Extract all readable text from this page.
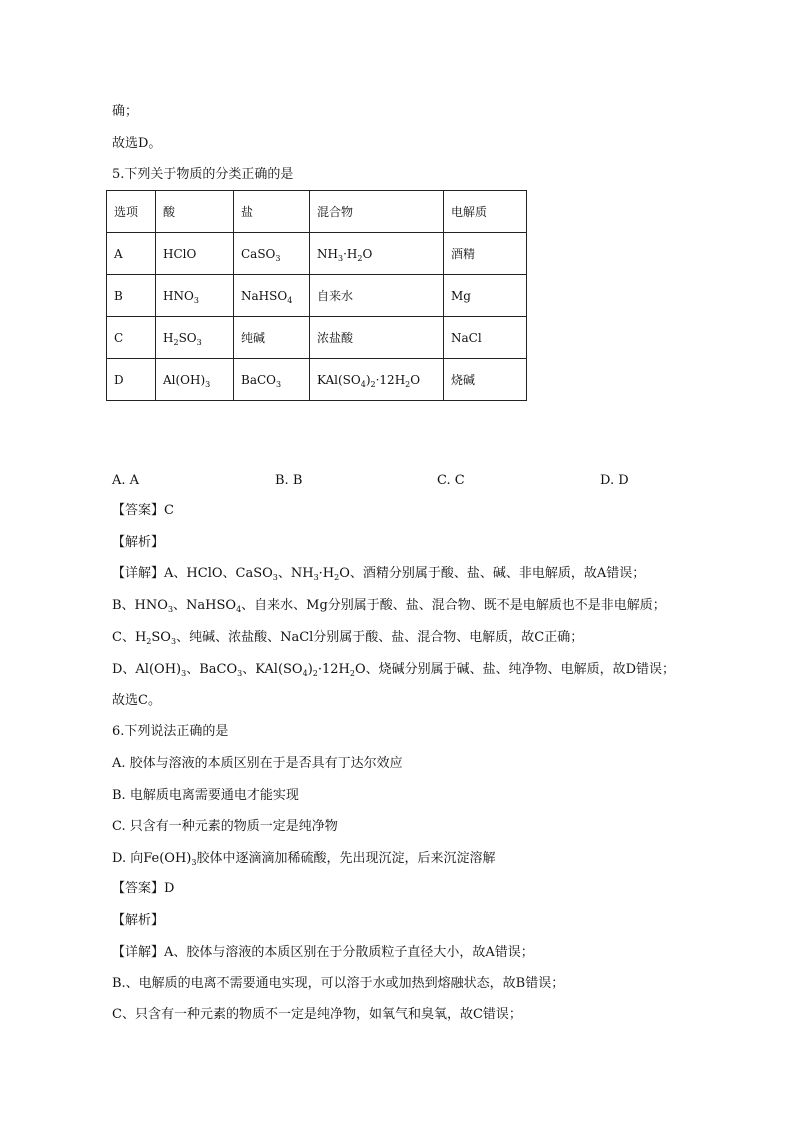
确；
故选D。
5.下列关于物质的分类正确的是
选项	酸	盐	混合物	电解质
A	HClO	CaSO$_3$	$NH_3\cdot H_2O$	酒精
B	$HNO_3$	NaHSO$_4$	自来水	Mg
C	$H_2SO_3$	纯碱	浓盐酸	NaCl
D	$Al(OH)_3$	BaCO$_3$	$KAl(SO_4)_2\cdot 12H_2O$	烧碱
A. A	B. B	C. C	D. D
【答案】C
【解析】
【详解】A、HClO、CaSO$_3$、$NH_3\cdot H_2O$、酒精分别属于酸、盐、碱、非电解质，故A错误；
B、$HNO_3$、NaHSO$_4$、自来水、Mg分别属于酸、盐、混合物、既不是电解质也不是非电解质；
C、$H_2SO_3$、纯碱、浓盐酸、NaCl分别属于酸、盐、混合物、电解质，故C正确；
D、$Al(OH)_3$、BaCO$_3$、$KAl(SO_4)_2\cdot 12H_2O$、烧碱分别属于碱、盐、纯净物、电解质，故D错误；
故选C。
6.下列说法正确的是
A. 胶体与溶液的本质区别在于是否具有丁达尔效应
B. 电解质电离需要通电才能实现
C. 只含有一种元素的物质一定是纯净物
D. 向$Fe(OH)_3$胶体中逐滴滴加稀硫酸，先出现沉淀，后来沉淀溶解
【答案】D
【解析】
【详解】A、胶体与溶液的本质区别在于分散质粒子直径大小，故A错误；
B.、电解质的电离不需要通电实现，可以溶于水或加热到熔融状态，故B错误；
C、只含有一种元素的物质不一定是纯净物，如氧气和臭氧，故C错误；
